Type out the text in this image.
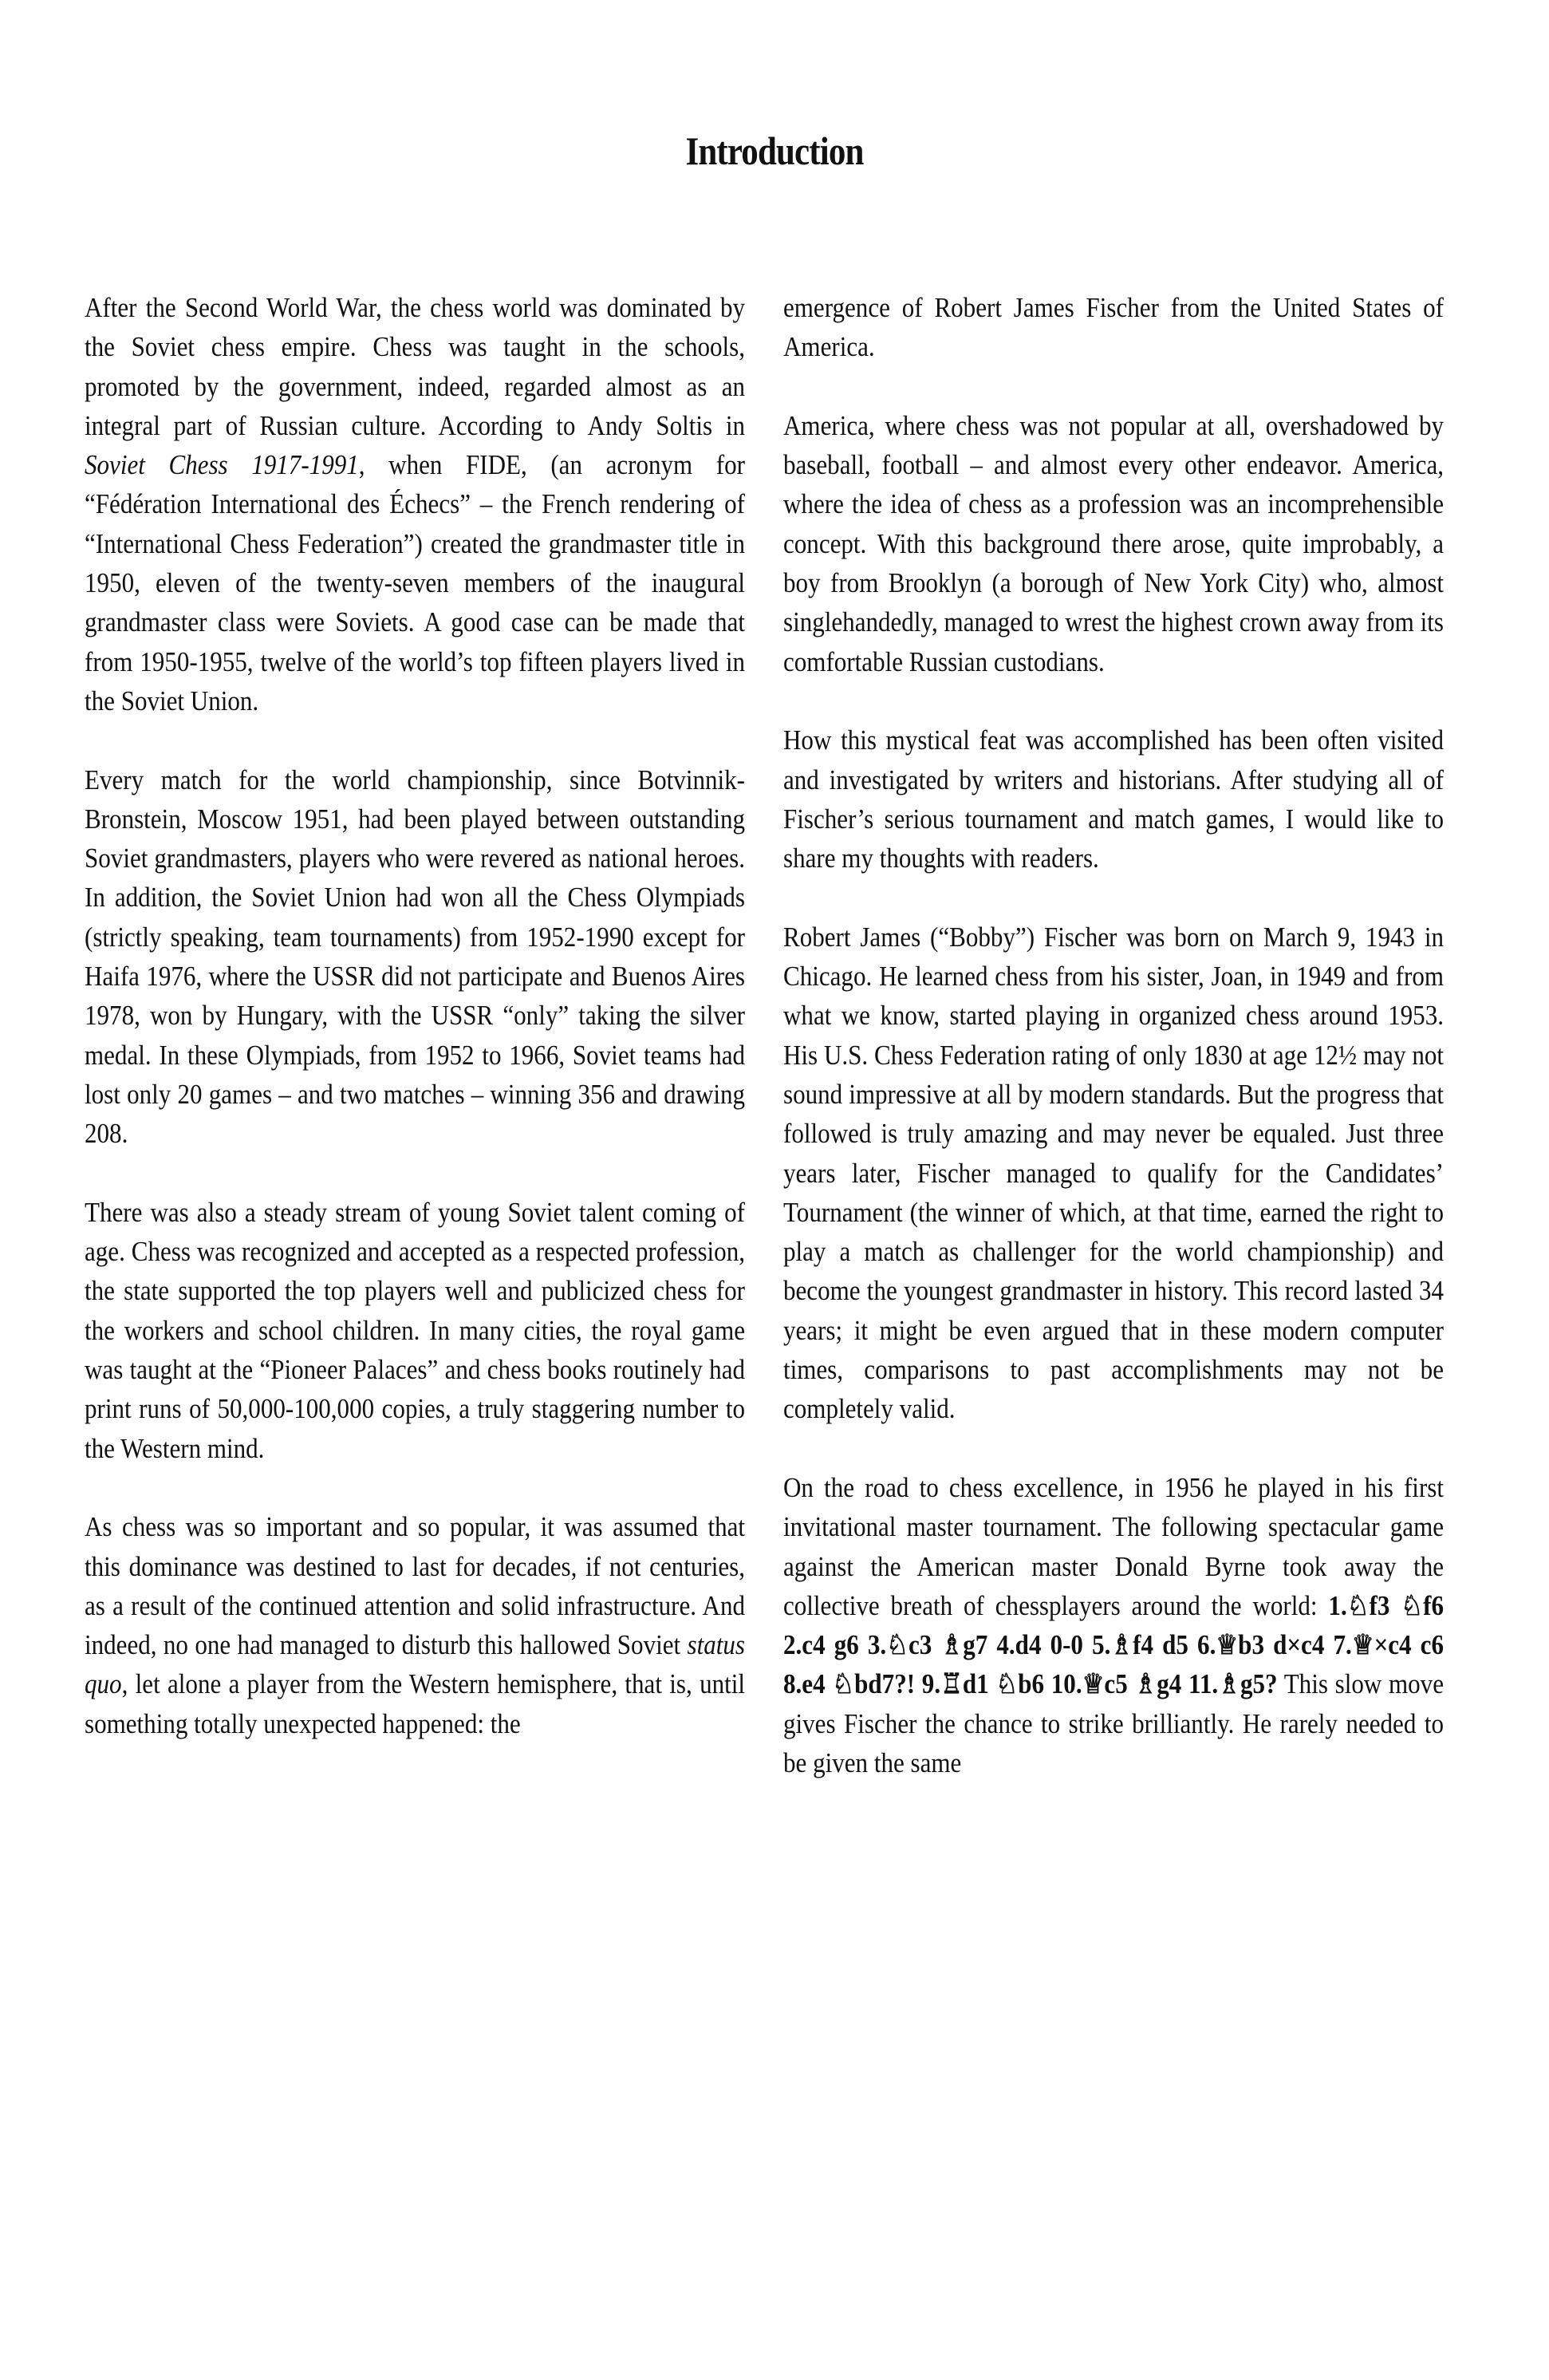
Introduction

After the Second World War, the chess world was dominated by the Soviet chess empire. Chess was taught in the schools, promoted by the government, indeed, regarded almost as an integral part of Russian culture. According to Andy Soltis in Soviet Chess 1917-1991, when FIDE, (an acronym for “Fédération International des Échecs” – the French rendering of “International Chess Federation”) created the grandmaster title in 1950, eleven of the twenty-seven members of the inaugural grandmaster class were Soviets. A good case can be made that from 1950-1955, twelve of the world’s top fifteen players lived in the Soviet Union.

Every match for the world championship, since Botvinnik-Bronstein, Moscow 1951, had been played between outstanding Soviet grandmasters, players who were revered as national heroes. In addition, the Soviet Union had won all the Chess Olympiads (strictly speaking, team tournaments) from 1952-1990 except for Haifa 1976, where the USSR did not participate and Buenos Aires 1978, won by Hungary, with the USSR “only” taking the silver medal. In these Olympiads, from 1952 to 1966, Soviet teams had lost only 20 games – and two matches – winning 356 and drawing 208.

There was also a steady stream of young Soviet talent coming of age. Chess was recognized and accepted as a respected profession, the state supported the top players well and publicized chess for the workers and school children. In many cities, the royal game was taught at the “Pioneer Palaces” and chess books routinely had print runs of 50,000-100,000 copies, a truly staggering number to the Western mind.

As chess was so important and so popular, it was assumed that this dominance was destined to last for decades, if not centuries, as a result of the continued attention and solid infrastructure. And indeed, no one had managed to disturb this hallowed Soviet status quo, let alone a player from the Western hemisphere, that is, until something totally unexpected happened: the

emergence of Robert James Fischer from the United States of America.

America, where chess was not popular at all, overshadowed by baseball, football – and almost every other endeavor. America, where the idea of chess as a profession was an incomprehensible concept. With this background there arose, quite improbably, a boy from Brooklyn (a borough of New York City) who, almost singlehandedly, managed to wrest the highest crown away from its comfortable Russian custodians.

How this mystical feat was accomplished has been often visited and investigated by writers and historians. After studying all of Fischer’s serious tournament and match games, I would like to share my thoughts with readers.

Robert James (“Bobby”) Fischer was born on March 9, 1943 in Chicago. He learned chess from his sister, Joan, in 1949 and from what we know, started playing in organized chess around 1953. His U.S. Chess Federation rating of only 1830 at age 12½ may not sound impressive at all by modern standards. But the progress that followed is truly amazing and may never be equaled. Just three years later, Fischer managed to qualify for the Candidates’ Tournament (the winner of which, at that time, earned the right to play a match as challenger for the world championship) and become the youngest grandmaster in history. This record lasted 34 years; it might be even argued that in these modern computer times, comparisons to past accomplishments may not be completely valid.

On the road to chess excellence, in 1956 he played in his first invitational master tournament. The following spectacular game against the American master Donald Byrne took away the collective breath of chessplayers around the world: 1.♘f3 ♘f6 2.c4 g6 3.♘c3 ♗g7 4.d4 0-0 5.♗f4 d5 6.♕b3 d×c4 7.♕×c4 c6 8.e4 ♘bd7?! 9.♖d1 ♘b6 10.♕c5 ♗g4 11.♗g5? This slow move gives Fischer the chance to strike brilliantly. He rarely needed to be given the same
